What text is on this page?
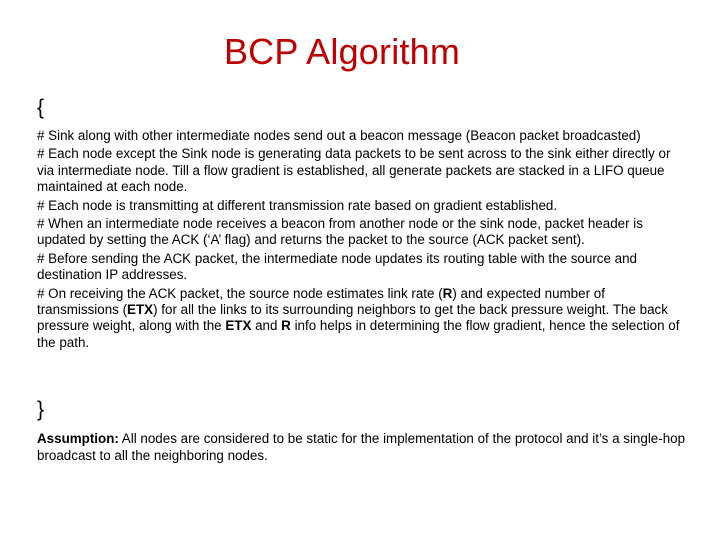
BCP Algorithm
{

# Sink along with other intermediate nodes send out a beacon message (Beacon packet broadcasted)

# Each node except the Sink node is generating data packets to be sent across to the sink either directly or via intermediate node. Till a flow gradient is established, all generate packets are stacked in a LIFO queue maintained at each node.

# Each node is transmitting at different transmission rate based on gradient established.

# When an intermediate node receives a beacon from another node or the sink node, packet header is updated by setting the ACK (‘A’ flag) and returns the packet to the source (ACK packet sent).

# Before sending the ACK packet, the intermediate node updates its routing table with the source and destination IP addresses.

# On receiving the ACK packet, the source node estimates link rate (R) and expected number of transmissions (ETX) for all the links to its surrounding neighbors to get the back pressure weight. The back pressure weight, along with the ETX and R info helps in determining the flow gradient, hence the selection of the path.

}
Assumption: All nodes are considered to be static for the implementation of the protocol and it’s a single-hop broadcast to all the neighboring nodes.
